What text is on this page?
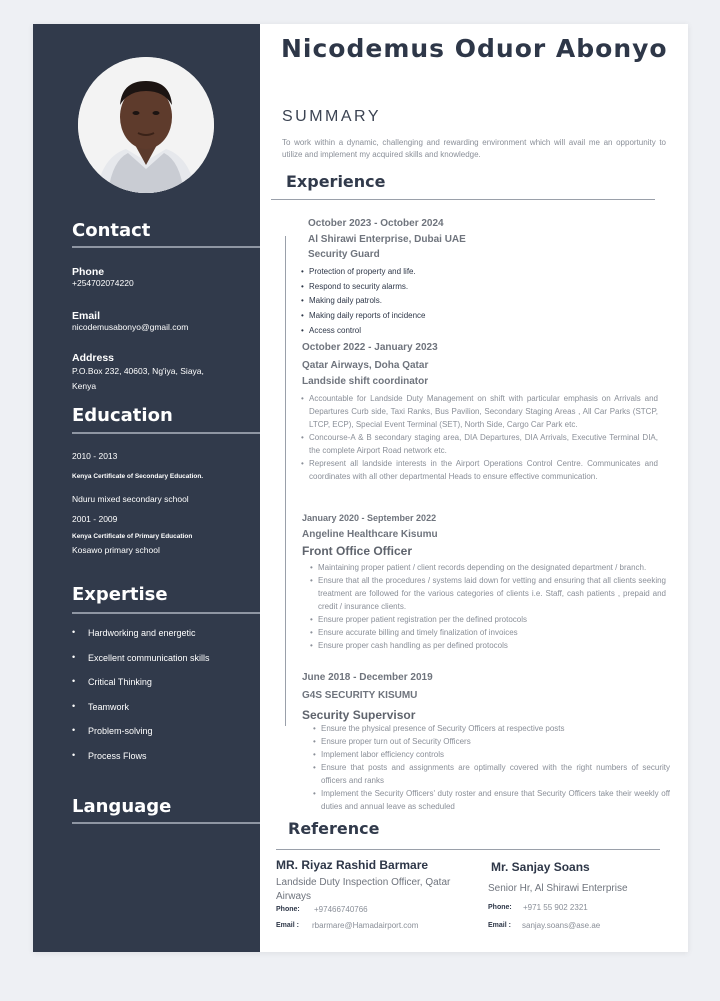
Contact
Phone
+254702074220
Email
nicodemusabonyo@gmail.com
Address
P.O.Box 232, 40603, Ng'iya, Siaya, Kenya
Education
2010 - 2013
Kenya Certificate of Secondary Education.
Nduru mixed secondary school
2001 - 2009
Kenya Certificate of Primary Education
Kosawo primary school
Expertise
• Hardworking and energetic
• Excellent communication skills
• Critical Thinking
• Teamwork
• Problem-solving
• Process Flows
Language
Nicodemus Oduor Abonyo
SUMMARY
To work within a dynamic, challenging and rewarding environment which will avail me an opportunity to utilize and implement my acquired skills and knowledge.
Experience
October 2023 - October 2024
Al Shirawi Enterprise, Dubai UAE
Security Guard
• Protection of property and life.
• Respond to security alarms.
• Making daily patrols.
• Making daily reports of incidence
• Access control
October 2022 - January 2023
Qatar Airways, Doha Qatar
Landside shift coordinator
• Accountable for Landside Duty Management on shift with particular emphasis on Arrivals and Departures Curb side, Taxi Ranks, Bus Pavilion, Secondary Staging Areas , All Car Parks (STCP, LTCP, ECP), Special Event Terminal (SET), North Side, Cargo Car Park etc.
• Concourse-A & B secondary staging area, DIA Departures, DIA Arrivals, Executive Terminal DIA, the complete Airport Road network etc.
• Represent all landside interests in the Airport Operations Control Centre. Communicates and coordinates with all other departmental Heads to ensure effective communication.
January 2020 - September 2022
Angeline Healthcare Kisumu
Front Office Officer
• Maintaining proper patient / client records depending on the designated department / branch.
• Ensure that all the procedures / systems laid down for vetting and ensuring that all clients seeking treatment are followed for the various categories of clients i.e. Staff, cash patients , prepaid and credit / insurance clients.
• Ensure proper patient registration per the defined protocols
• Ensure accurate billing and timely finalization of invoices
• Ensure proper cash handling as per defined protocols
June 2018 - December 2019
G4S SECURITY KISUMU
Security Supervisor
• Ensure the physical presence of Security Officers at respective posts
• Ensure proper turn out of Security Officers
• Implement labor efficiency controls
• Ensure that posts and assignments are optimally covered with the right numbers of security officers and ranks
• Implement the Security Officers' duty roster and ensure that Security Officers take their weekly off duties and annual leave as scheduled
Reference
MR. Riyaz Rashid Barmare
Landside Duty Inspection Officer, Qatar Airways
Phone: +97466740766
Email : rbarmare@Hamadairport.com
Mr. Sanjay Soans
Senior Hr, Al Shirawi Enterprise
Phone: +971 55 902 2321
Email : sanjay.soans@ase.ae
